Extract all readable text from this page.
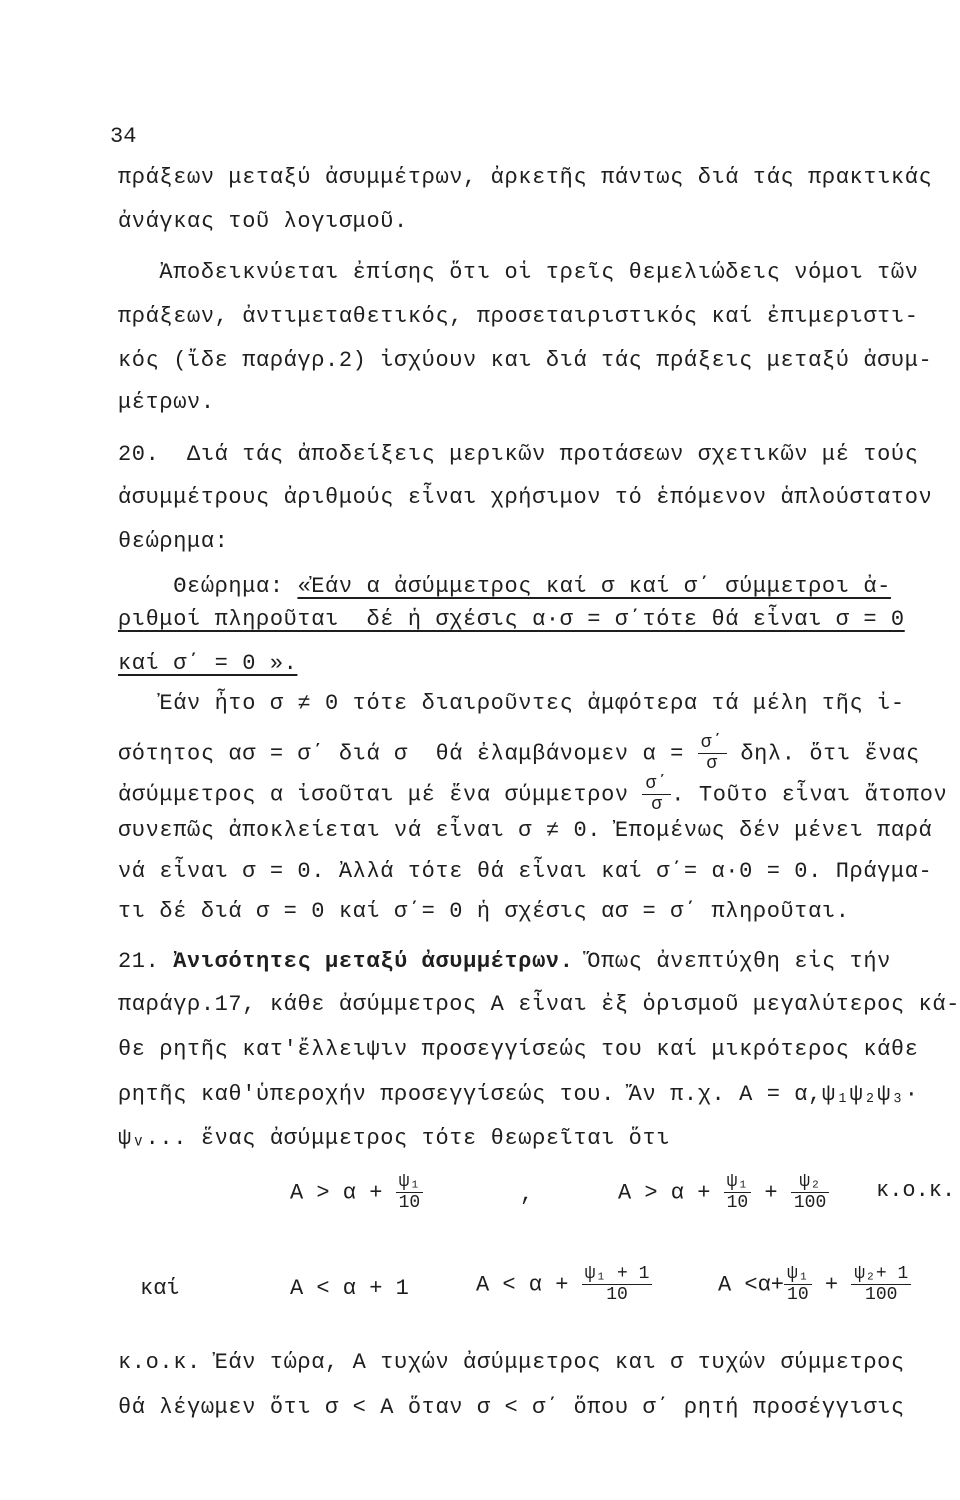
34
πράξεων μεταξύ ἀσυμμέτρων, ἀρκετῆς πάντως διά τάς πρακτικάς
ἀνάγκας τοῦ λογισμοῦ.
Ἀποδεικνύεται ἐπίσης ὅτι οἱ τρεῖς θεμελιώδεις νόμοι τῶν
πράξεων, ἀντιμεταθετικός, προσεταιριστικός καί ἐπιμεριστι-
κός (ἴδε παράγρ.2) ἰσχύουν και διά τάς πράξεις μεταξύ ἀσυμ-
μέτρων.
20.  Διά τάς ἀποδείξεις μερικῶν προτάσεων σχετικῶν μέ τούς
ἀσυμμέτρους ἀριθμούς εἶναι χρήσιμον τό ἑπόμενον ἁπλούστατον
θεώρημα:
Θεώρημα: «Ἐάν α ἀσύμμετρος καί σ καί σ΄ σύμμετροι ἀ-
ριθμοί πληροῦται  δέ ἡ σχέσις α·σ = σ΄τότε θά εἶναι σ = 0
καί σ΄ = 0 ».
Ἐάν ἦτο σ ≠ 0 τότε διαιροῦντες ἀμφότερα τά μέλη τῆς ἰ-
σότητος ασ = σ΄ διά σ  θά ἐλαμβάνομεν $\alpha = \frac{\sigma΄}{\sigma} \delta\eta\lambda$. ὅτι ἕνας
ἀσύμμετρος α ἰσοῦται μέ ἕνα σύμμετρον $\frac{\sigma΄}{\sigma}$ . Τοῦτο εἶναι ἄτοπον
συνεπῶς ἀποκλείεται νά εἶναι σ ≠ 0. Ἐπομένως δέν μένει παρά
νά εἶναι σ = 0. Ἀλλά τότε θά εἶναι καί σ΄= α·0 = 0. Πράγμα-
τι δέ διά σ = 0 καί σ΄= 0 ἡ σχέσις ασ = σ΄ πληροῦται.
21. Ἀνισότητες μεταξύ ἀσυμμέτρων. Ὅπως ἀνεπτύχθη εἰς τήν
παράγρ.17, κάθε ἀσύμμετρος Α εἶναι ἐξ ὁρισμοῦ μεγαλύτερος κά-
θε ρητῆς κατ'ἔλλειψιν προσεγγίσεώς του καί μικρότερος κάθε
ρητῆς καθ'ὑπεροχήν προσεγγίσεώς του. Ἄν π.χ. Α = α,ψ₁ψ₂ψ₃·
ψᵥ... ἕνας ἀσύμμετρος τότε θεωρεῖται ὅτι
$A > \alpha + \frac{\text{ψ₁}}{10}$	,	$A > \alpha + \frac{\text{ψ₁}}{10} + \frac{\text{ψ₂}}{100} \kappa.o.\kappa$.
καί	A < α + 1	$A < \alpha + \frac{\text{ψ₁ + 1}}{10}$	$A <\alpha+ \frac{\text{ψ₁}}{10} + \frac{\text{ψ₂+ 1}}{100}$
κ.ο.κ. Ἐάν τώρα, Α τυχών ἀσύμμετρος και σ τυχών σύμμετρος
θά λέγωμεν ὅτι σ < Α ὅταν σ < σ΄ ὅπου σ΄ ρητή προσέγγισις
